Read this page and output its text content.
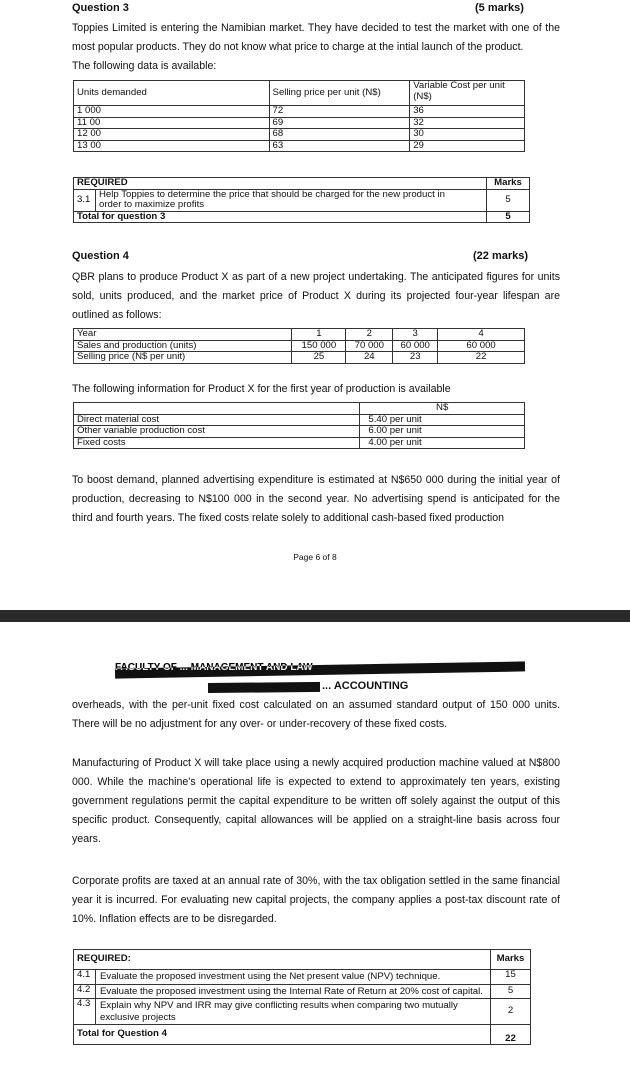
Question 3	(5 marks)
Toppies Limited is entering the Namibian market. They have decided to test the market with one of the most popular products. They do not know what price to charge at the intial launch of the product.
The following data is available:
Units demanded	Selling price per unit (N$)	Variable Cost per unit (N$)
1 000	72	36
11 00	69	32
12 00	68	30
13 00	63	29
REQUIRED		Marks
3.1	Help Toppies to determine the price that should be charged for the new product in order to maximize profits	5
Total for question 3		5
Question 4	(22 marks)
QBR plans to produce Product X as part of a new project undertaking. The anticipated figures for units sold, units produced, and the market price of Product X during its projected four-year lifespan are outlined as follows:
Year	1	2	3	4
Sales and production (units)	150 000	70 000	60 000	60 000
Selling price (N$ per unit)	25	24	23	22
The following information for Product X for the first year of production is available
	N$
Direct material cost	5.40 per unit
Other variable production cost	6.00 per unit
Fixed costs	4.00 per unit
To boost demand, planned advertising expenditure is estimated at N$650 000 during the initial year of production, decreasing to N$100 000 in the second year. No advertising spend is anticipated for the third and fourth years. The fixed costs relate solely to additional cash-based fixed production
Page 6 of 8
FACULTY OF ... MANAGEMENT AND LAW
... ACCOUNTING
overheads, with the per-unit fixed cost calculated on an assumed standard output of 150 000 units. There will be no adjustment for any over- or under-recovery of these fixed costs.
Manufacturing of Product X will take place using a newly acquired production machine valued at N$800 000. While the machine's operational life is expected to extend to approximately ten years, existing government regulations permit the capital expenditure to be written off solely against the output of this specific product. Consequently, capital allowances will be applied on a straight-line basis across four years.
Corporate profits are taxed at an annual rate of 30%, with the tax obligation settled in the same financial year it is incurred. For evaluating new capital projects, the company applies a post-tax discount rate of 10%. Inflation effects are to be disregarded.
REQUIRED:		Marks
4.1	Evaluate the proposed investment using the Net present value (NPV) technique.	15
4.2	Evaluate the proposed investment using the Internal Rate of Return at 20% cost of capital.	5
4.3	Explain why NPV and IRR may give conflicting results when comparing two mutually exclusive projects	2
Total for Question 4		22
